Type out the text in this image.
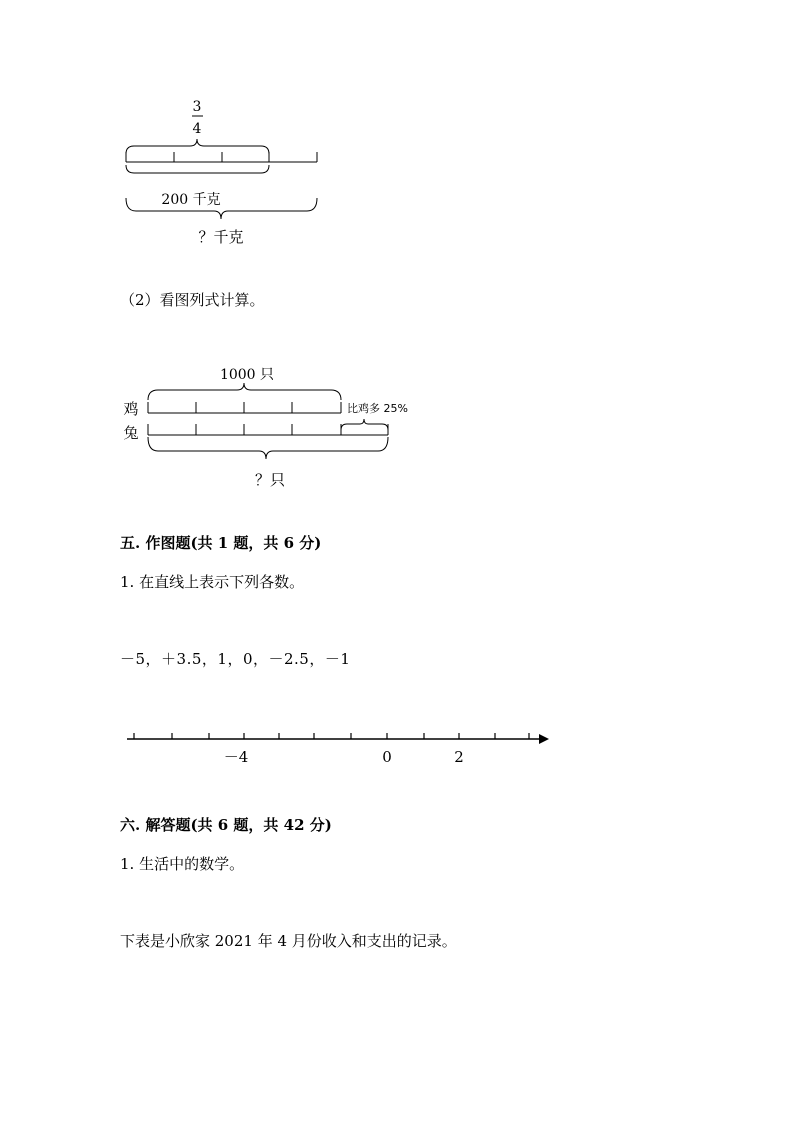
3
4
200 千克
？千克
（2）看图列式计算。
1000 只
鸡	比鸡多 25%
兔
？只
五. 作图题(共 1 题，共 6 分)
1. 在直线上表示下列各数。
－5，＋3.5，1，0，－2.5，－1
－4	0	2
六. 解答题(共 6 题，共 42 分)
1. 生活中的数学。
下表是小欣家 2021 年 4 月份收入和支出的记录。
